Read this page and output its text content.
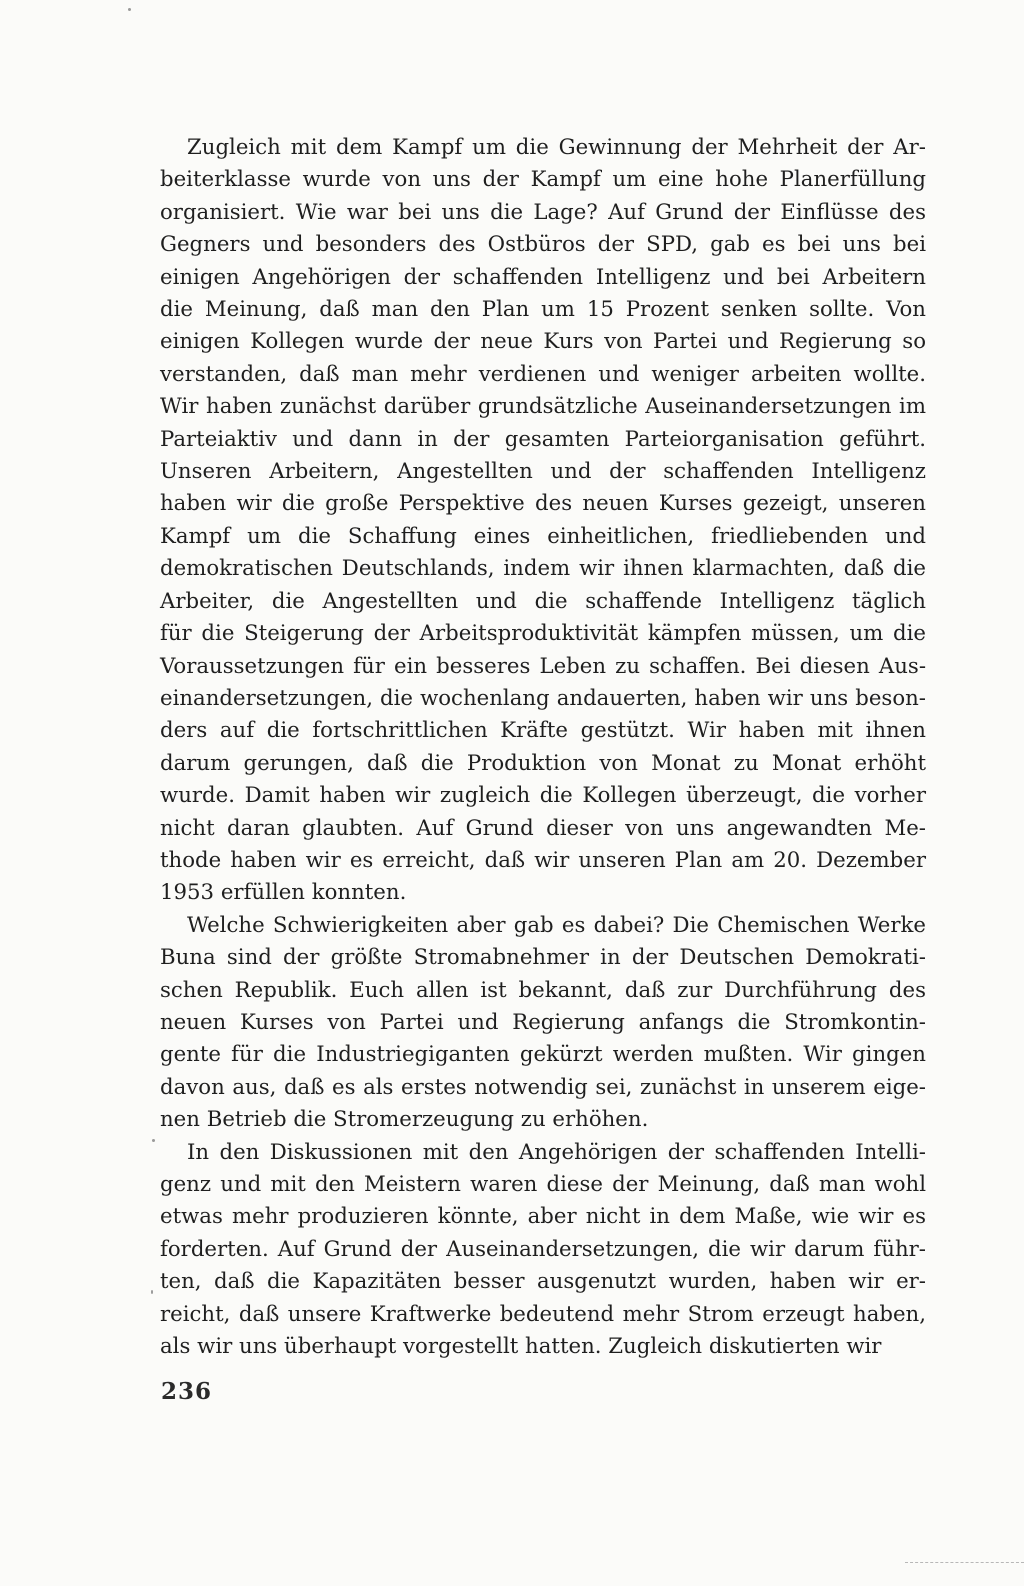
Zugleich mit dem Kampf um die Gewinnung der Mehrheit der Ar-
beiterklasse wurde von uns der Kampf um eine hohe Planerfüllung
organisiert. Wie war bei uns die Lage? Auf Grund der Einflüsse des
Gegners und besonders des Ostbüros der SPD, gab es bei uns bei
einigen Angehörigen der schaffenden Intelligenz und bei Arbeitern
die Meinung, daß man den Plan um 15 Prozent senken sollte. Von
einigen Kollegen wurde der neue Kurs von Partei und Regierung so
verstanden, daß man mehr verdienen und weniger arbeiten wollte.
Wir haben zunächst darüber grundsätzliche Auseinandersetzungen im
Parteiaktiv und dann in der gesamten Parteiorganisation geführt.
Unseren Arbeitern, Angestellten und der schaffenden Intelligenz
haben wir die große Perspektive des neuen Kurses gezeigt, unseren
Kampf um die Schaffung eines einheitlichen, friedliebenden und
demokratischen Deutschlands, indem wir ihnen klarmachten, daß die
Arbeiter, die Angestellten und die schaffende Intelligenz täglich
für die Steigerung der Arbeitsproduktivität kämpfen müssen, um die
Voraussetzungen für ein besseres Leben zu schaffen. Bei diesen Aus-
einandersetzungen, die wochenlang andauerten, haben wir uns beson-
ders auf die fortschrittlichen Kräfte gestützt. Wir haben mit ihnen
darum gerungen, daß die Produktion von Monat zu Monat erhöht
wurde. Damit haben wir zugleich die Kollegen überzeugt, die vorher
nicht daran glaubten. Auf Grund dieser von uns angewandten Me-
thode haben wir es erreicht, daß wir unseren Plan am 20. Dezember
1953 erfüllen konnten.
Welche Schwierigkeiten aber gab es dabei? Die Chemischen Werke
Buna sind der größte Stromabnehmer in der Deutschen Demokrati-
schen Republik. Euch allen ist bekannt, daß zur Durchführung des
neuen Kurses von Partei und Regierung anfangs die Stromkontin-
gente für die Industriegiganten gekürzt werden mußten. Wir gingen
davon aus, daß es als erstes notwendig sei, zunächst in unserem eige-
nen Betrieb die Stromerzeugung zu erhöhen.
In den Diskussionen mit den Angehörigen der schaffenden Intelli-
genz und mit den Meistern waren diese der Meinung, daß man wohl
etwas mehr produzieren könnte, aber nicht in dem Maße, wie wir es
forderten. Auf Grund der Auseinandersetzungen, die wir darum führ-
ten, daß die Kapazitäten besser ausgenutzt wurden, haben wir er-
reicht, daß unsere Kraftwerke bedeutend mehr Strom erzeugt haben,
als wir uns überhaupt vorgestellt hatten. Zugleich diskutierten wir
236
